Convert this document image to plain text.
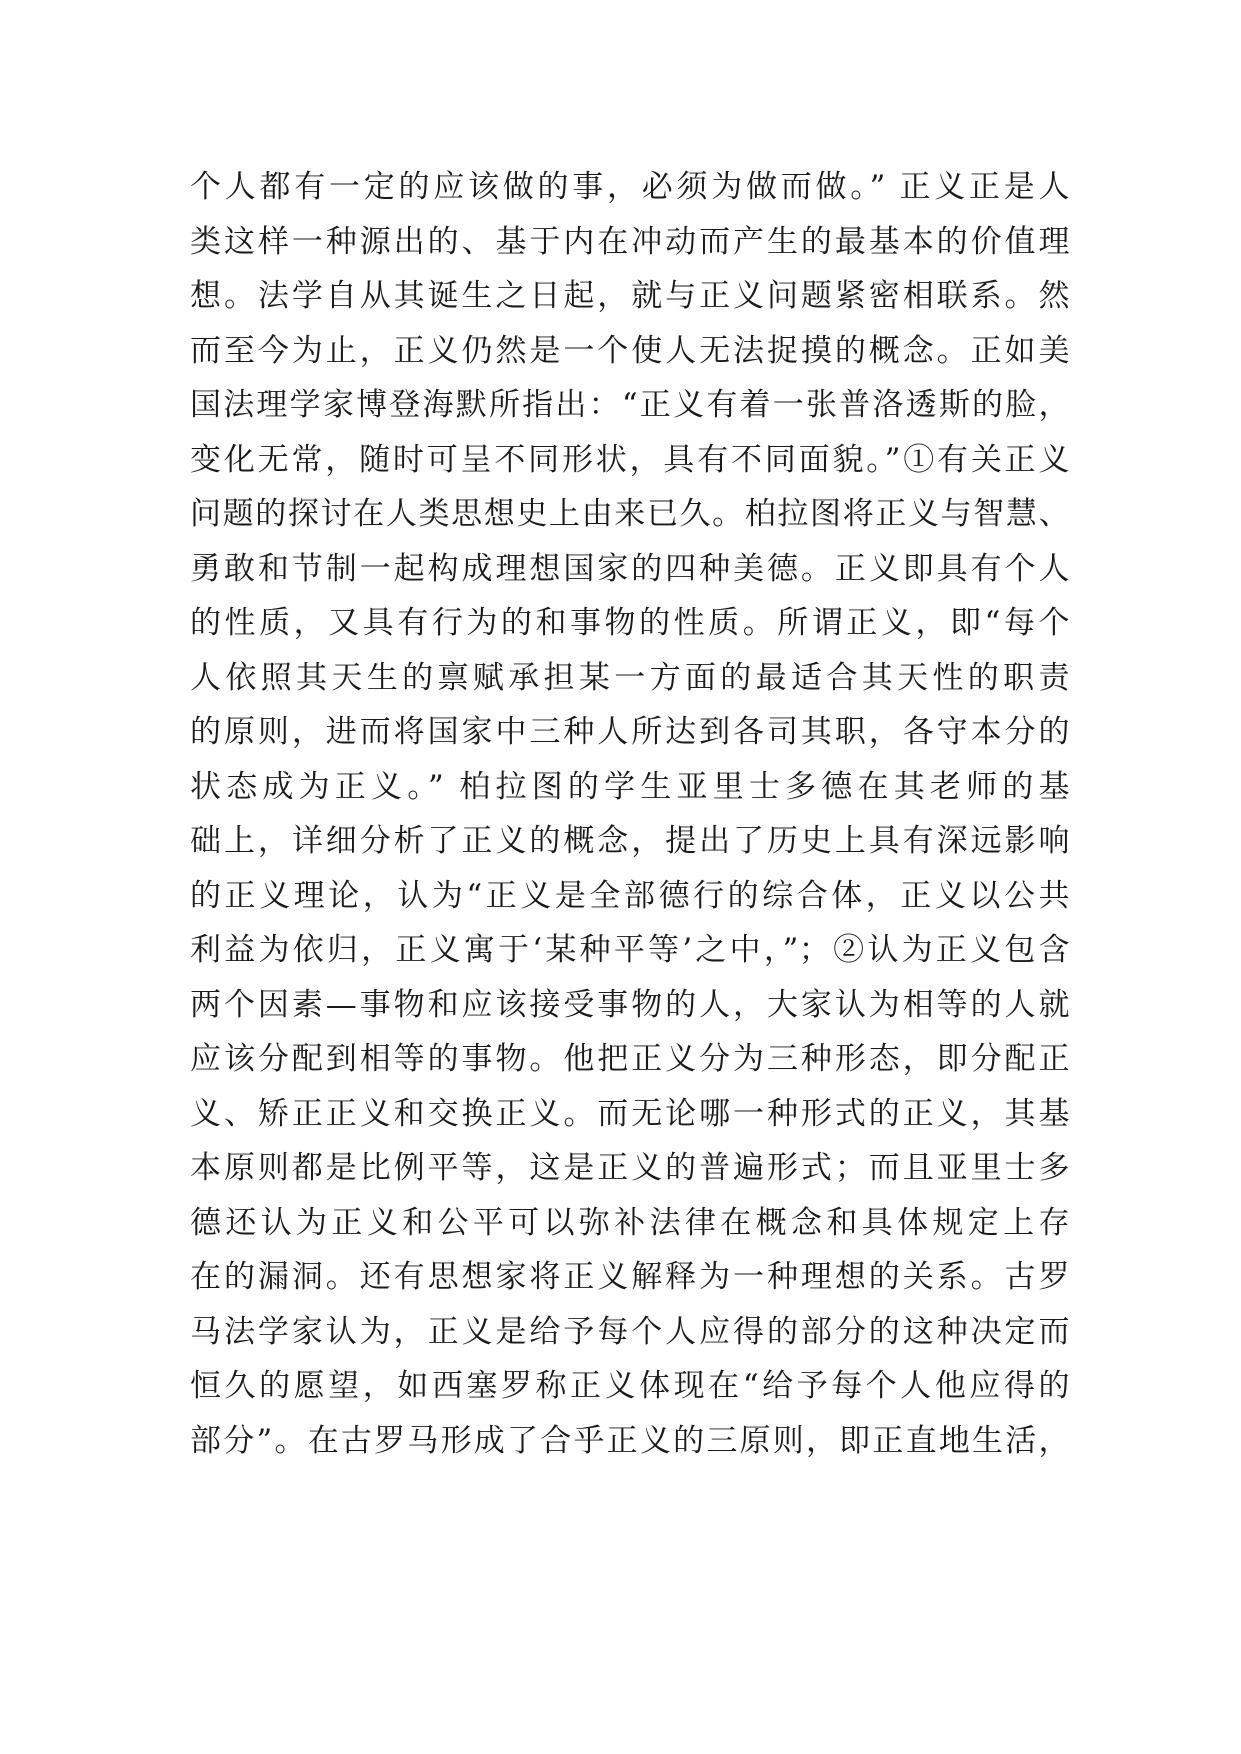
个人都有一定的应该做的事，必须为做而做。” 正义正是人
类这样一种源出的、基于内在冲动而产生的最基本的价值理
想。法学自从其诞生之日起，就与正义问题紧密相联系。然
而至今为止，正义仍然是一个使人无法捉摸的概念。正如美
国法理学家博登海默所指出：“正义有着一张普洛透斯的脸，
变化无常，随时可呈不同形状，具有不同面貌。”①有关正义
问题的探讨在人类思想史上由来已久。柏拉图将正义与智慧、
勇敢和节制一起构成理想国家的四种美德。正义即具有个人
的性质，又具有行为的和事物的性质。所谓正义，即“每个
人依照其天生的禀赋承担某一方面的最适合其天性的职责
的原则，进而将国家中三种人所达到各司其职，各守本分的
状态成为正义。” 柏拉图的学生亚里士多德在其老师的基
础上，详细分析了正义的概念，提出了历史上具有深远影响
的正义理论，认为“正义是全部德行的综合体，正义以公共
利益为依归，正义寓于‘某种平等’之中，”；②认为正义包含
两个因素—事物和应该接受事物的人，大家认为相等的人就
应该分配到相等的事物。他把正义分为三种形态，即分配正
义、矫正正义和交换正义。而无论哪一种形式的正义，其基
本原则都是比例平等，这是正义的普遍形式；而且亚里士多
德还认为正义和公平可以弥补法律在概念和具体规定上存
在的漏洞。还有思想家将正义解释为一种理想的关系。古罗
马法学家认为，正义是给予每个人应得的部分的这种决定而
恒久的愿望，如西塞罗称正义体现在“给予每个人他应得的
部分”。在古罗马形成了合乎正义的三原则，即正直地生活，
